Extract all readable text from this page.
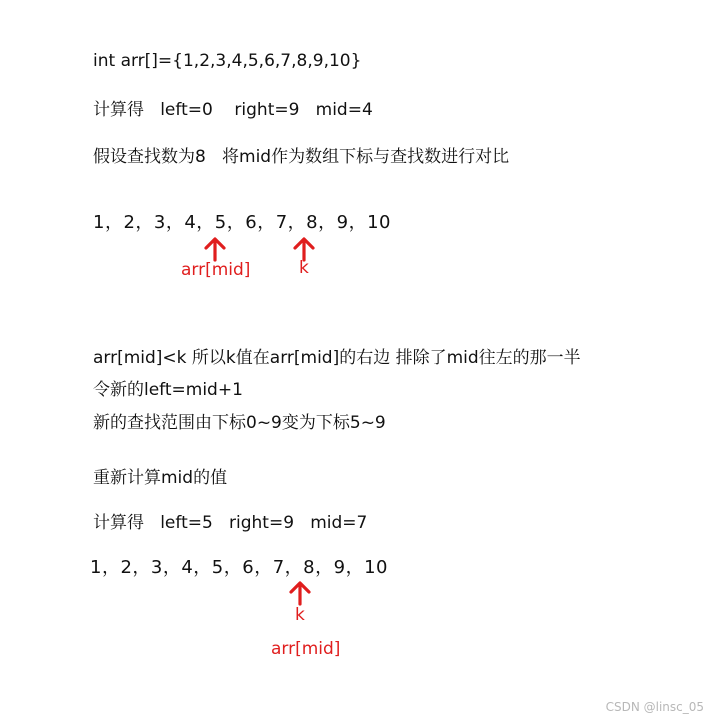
int arr[]={1,2,3,4,5,6,7,8,9,10}
计算得   left=0    right=9   mid=4
假设查找数为8   将mid作为数组下标与查找数进行对比
1，2，3，4，5，6，7，8，9，10
arr[mid]	k
arr[mid]<k 所以k值在arr[mid]的右边 排除了mid往左的那一半
令新的left=mid+1
新的查找范围由下标0~9变为下标5~9
重新计算mid的值
计算得   left=5   right=9   mid=7
1，2，3，4，5，6，7，8，9，10
k
arr[mid]
CSDN @linsc_05
